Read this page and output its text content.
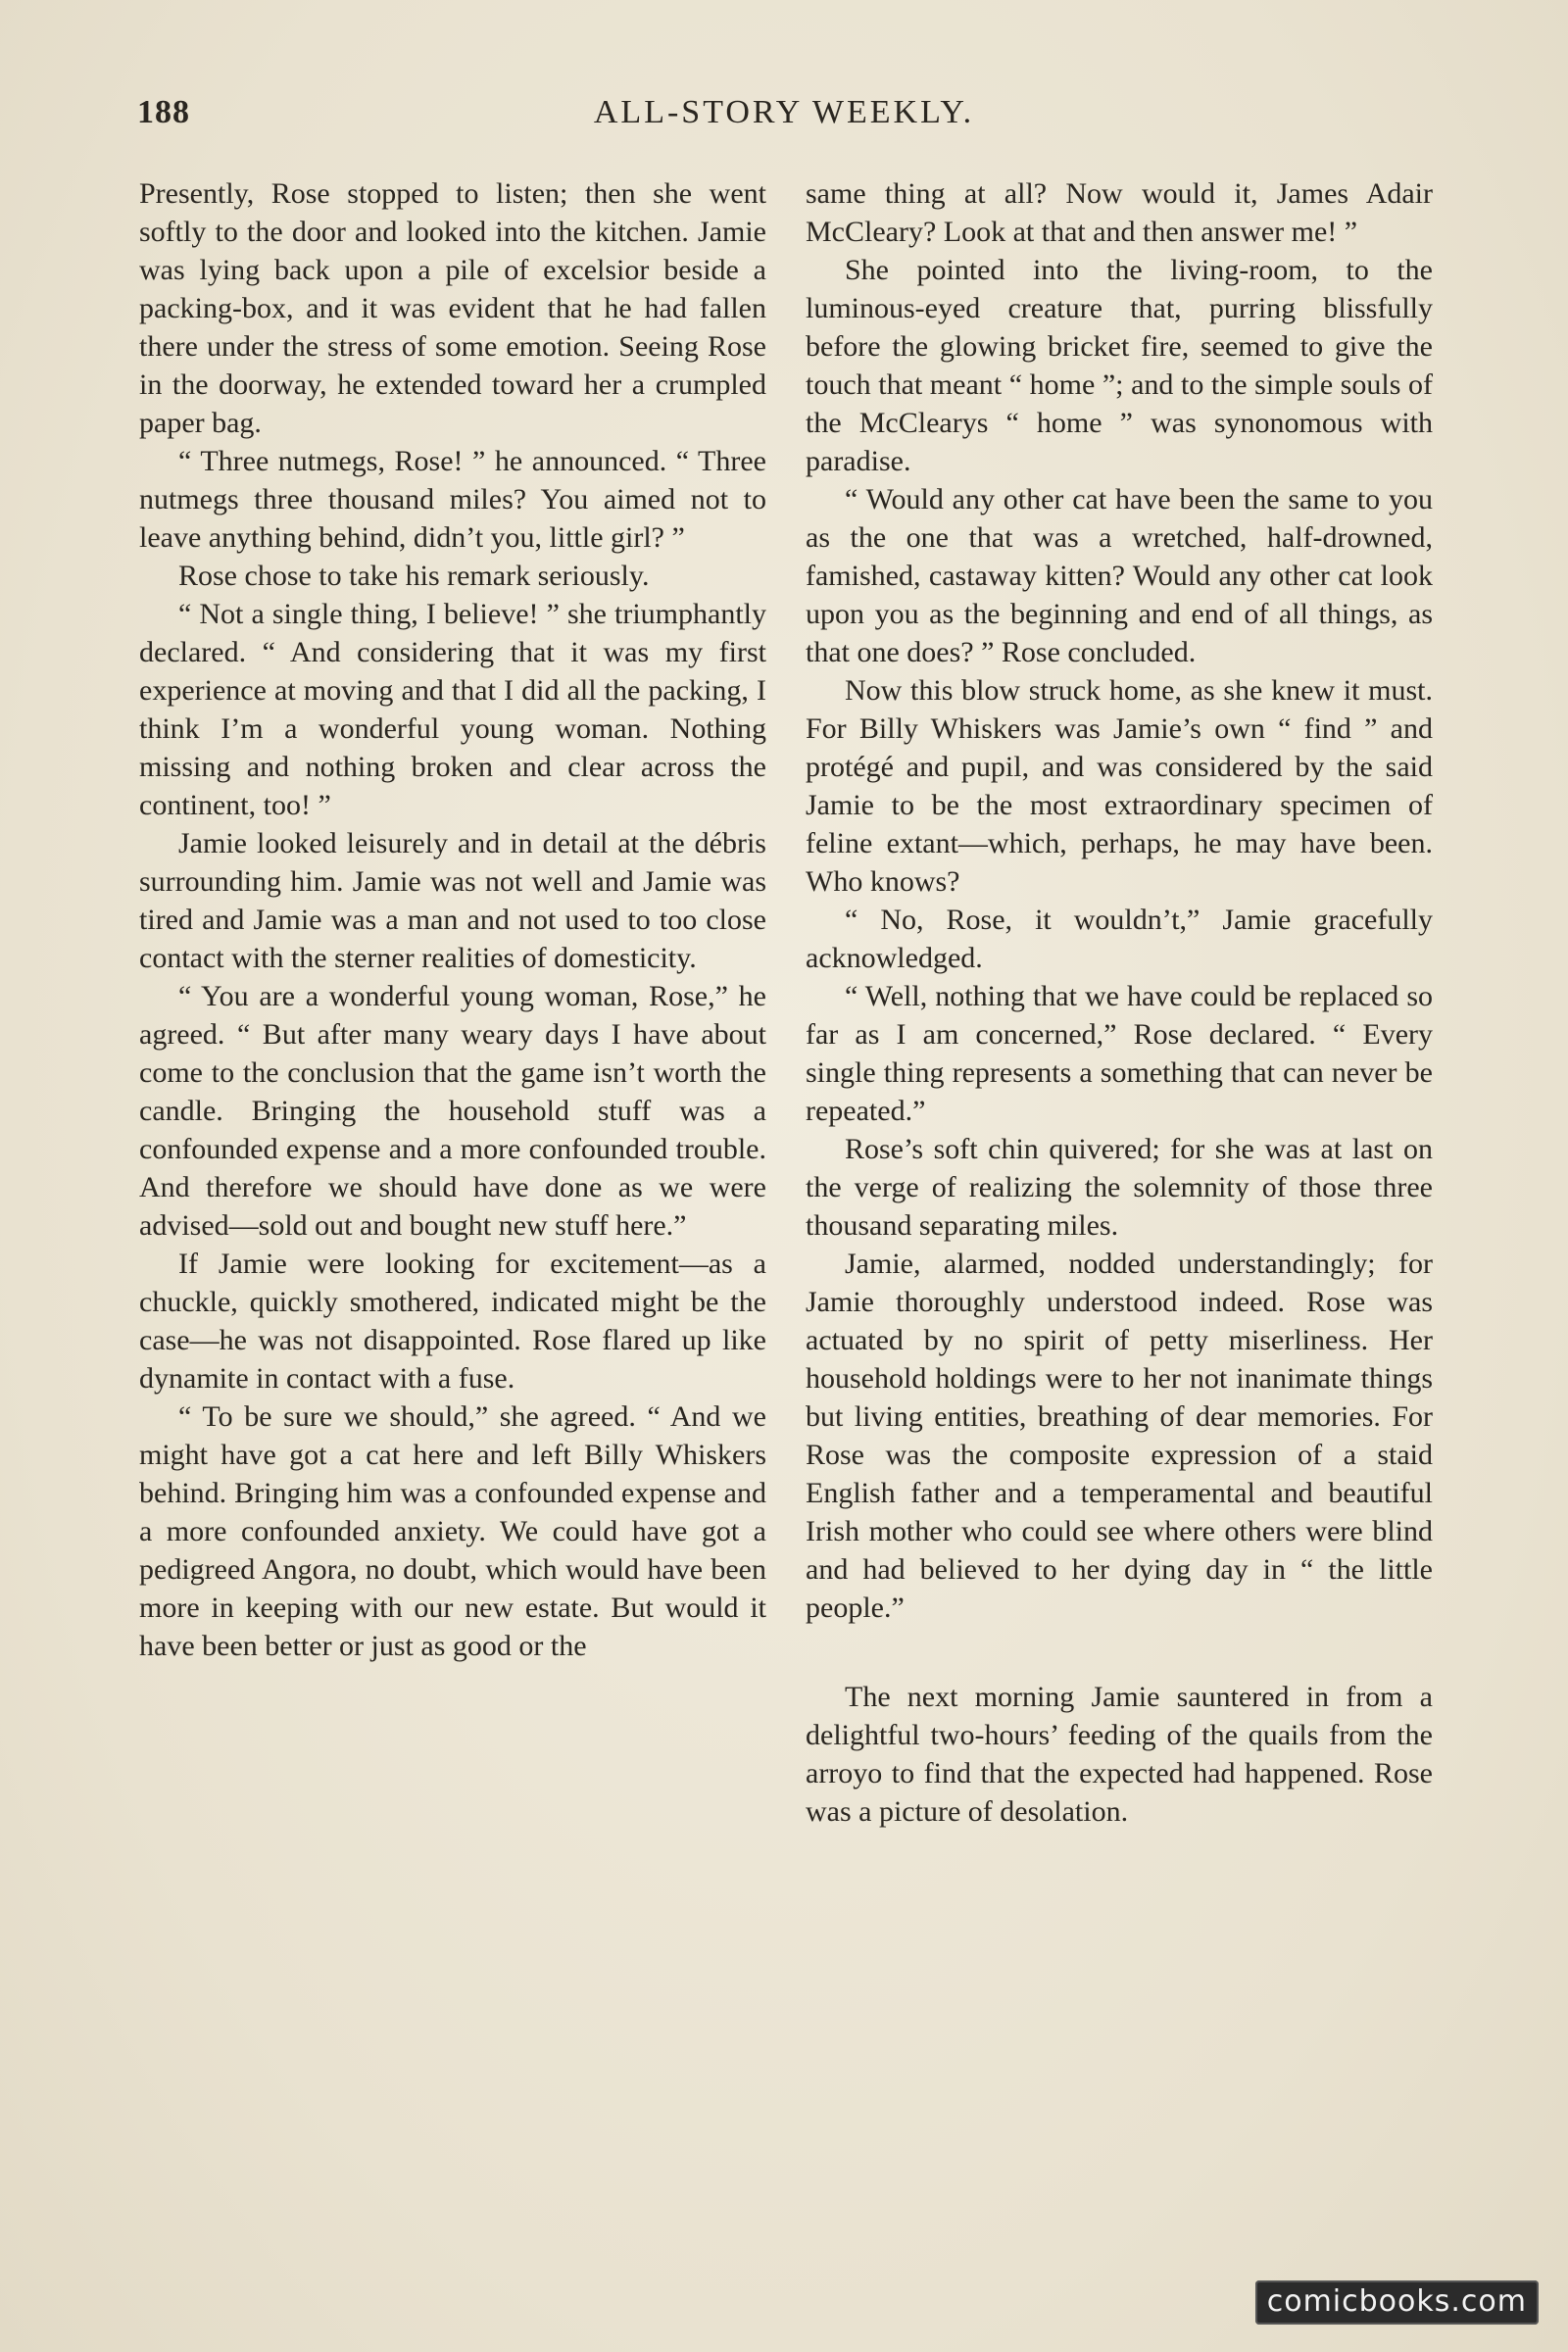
188	ALL-STORY WEEKLY.

Presently, Rose stopped to listen; then she went softly to the door and looked into the kitchen. Jamie was lying back upon a pile of excelsior beside a packing-box, and it was evident that he had fallen there under the stress of some emotion. Seeing Rose in the doorway, he extended toward her a crumpled paper bag.

“ Three nutmegs, Rose! ” he announced. “ Three nutmegs three thousand miles? You aimed not to leave anything behind, didn’t you, little girl? ”

Rose chose to take his remark seriously.

“ Not a single thing, I believe! ” she triumphantly declared. “ And considering that it was my first experience at moving and that I did all the packing, I think I’m a wonderful young woman. Nothing missing and nothing broken and clear across the continent, too! ”

Jamie looked leisurely and in detail at the débris surrounding him. Jamie was not well and Jamie was tired and Jamie was a man and not used to too close contact with the sterner realities of domesticity.

“ You are a wonderful young woman, Rose,” he agreed. “ But after many weary days I have about come to the conclusion that the game isn’t worth the candle. Bringing the household stuff was a confounded expense and a more confounded trouble. And therefore we should have done as we were advised—sold out and bought new stuff here.”

If Jamie were looking for excitement—as a chuckle, quickly smothered, indicated might be the case—he was not disappointed. Rose flared up like dynamite in contact with a fuse.

“ To be sure we should,” she agreed. “ And we might have got a cat here and left Billy Whiskers behind. Bringing him was a confounded expense and a more confounded anxiety. We could have got a pedigreed Angora, no doubt, which would have been more in keeping with our new estate. But would it have been better or just as good or the

same thing at all? Now would it, James Adair McCleary? Look at that and then answer me! ”

She pointed into the living-room, to the luminous-eyed creature that, purring blissfully before the glowing bricket fire, seemed to give the touch that meant “ home ”; and to the simple souls of the McClearys “ home ” was synonomous with paradise.

“ Would any other cat have been the same to you as the one that was a wretched, half-drowned, famished, castaway kitten? Would any other cat look upon you as the beginning and end of all things, as that one does? ” Rose concluded.

Now this blow struck home, as she knew it must. For Billy Whiskers was Jamie’s own “ find ” and protégé and pupil, and was considered by the said Jamie to be the most extraordinary specimen of feline extant—which, perhaps, he may have been. Who knows?

“ No, Rose, it wouldn’t,” Jamie gracefully acknowledged.

“ Well, nothing that we have could be replaced so far as I am concerned,” Rose declared. “ Every single thing represents a something that can never be repeated.”

Rose’s soft chin quivered; for she was at last on the verge of realizing the solemnity of those three thousand separating miles.

Jamie, alarmed, nodded understandingly; for Jamie thoroughly understood indeed. Rose was actuated by no spirit of petty miserliness. Her household holdings were to her not inanimate things but living entities, breathing of dear memories. For Rose was the composite expression of a staid English father and a temperamental and beautiful Irish mother who could see where others were blind and had believed to her dying day in “ the little people.”

The next morning Jamie sauntered in from a delightful two-hours’ feeding of the quails from the arroyo to find that the expected had happened. Rose was a picture of desolation.

comicbooks.com
